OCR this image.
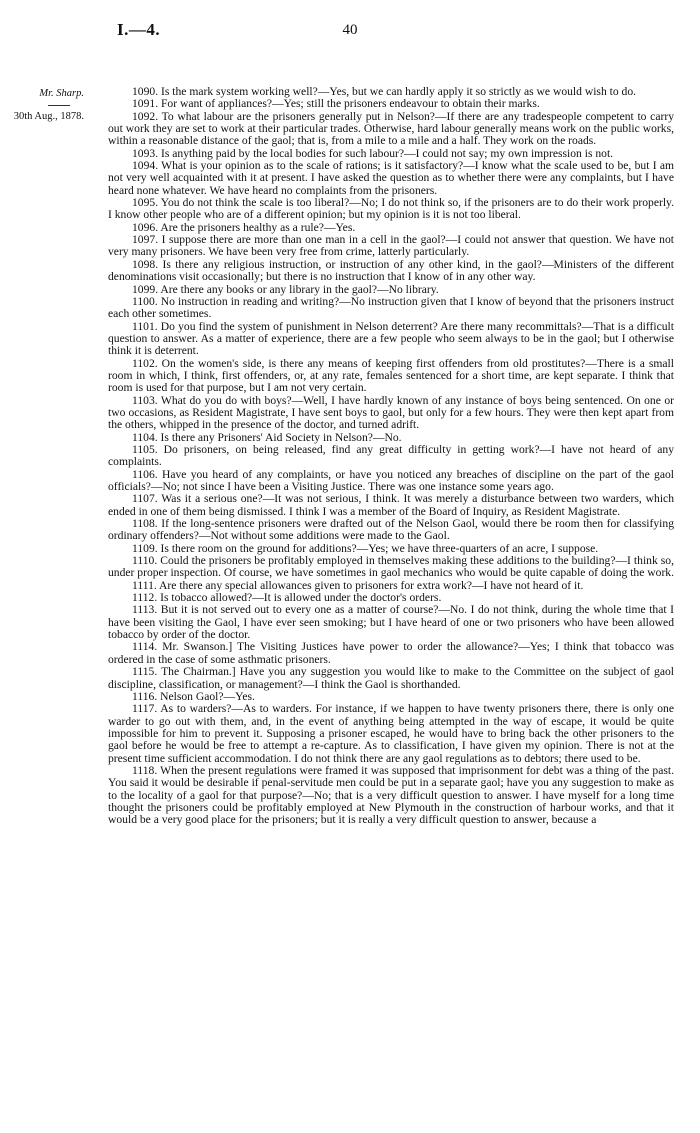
I.—4.	40
Mr. Sharp.
30th Aug., 1878.

1090. Is the mark system working well?—Yes, but we can hardly apply it so strictly as we would wish to do.

1091. For want of appliances?—Yes; still the prisoners endeavour to obtain their marks.

1092. To what labour are the prisoners generally put in Nelson?—If there are any tradespeople competent to carry out work they are set to work at their particular trades. Otherwise, hard labour generally means work on the public works, within a reasonable distance of the gaol; that is, from a mile to a mile and a half. They work on the roads.

1093. Is anything paid by the local bodies for such labour?—I could not say; my own impression is not.

1094. What is your opinion as to the scale of rations; is it satisfactory?—I know what the scale used to be, but I am not very well acquainted with it at present. I have asked the question as to whether there were any complaints, but I have heard none whatever. We have heard no complaints from the prisoners.

1095. You do not think the scale is too liberal?—No; I do not think so, if the prisoners are to do their work properly. I know other people who are of a different opinion; but my opinion is it is not too liberal.

1096. Are the prisoners healthy as a rule?—Yes.

1097. I suppose there are more than one man in a cell in the gaol?—I could not answer that question. We have not very many prisoners. We have been very free from crime, latterly particularly.

1098. Is there any religious instruction, or instruction of any other kind, in the gaol?—Ministers of the different denominations visit occasionally; but there is no instruction that I know of in any other way.

1099. Are there any books or any library in the gaol?—No library.

1100. No instruction in reading and writing?—No instruction given that I know of beyond that the prisoners instruct each other sometimes.

1101. Do you find the system of punishment in Nelson deterrent? Are there many recommittals?—That is a difficult question to answer. As a matter of experience, there are a few people who seem always to be in the gaol; but I otherwise think it is deterrent.

1102. On the women's side, is there any means of keeping first offenders from old prostitutes?—There is a small room in which, I think, first offenders, or, at any rate, females sentenced for a short time, are kept separate. I think that room is used for that purpose, but I am not very certain.

1103. What do you do with boys?—Well, I have hardly known of any instance of boys being sentenced. On one or two occasions, as Resident Magistrate, I have sent boys to gaol, but only for a few hours. They were then kept apart from the others, whipped in the presence of the doctor, and turned adrift.

1104. Is there any Prisoners' Aid Society in Nelson?—No.

1105. Do prisoners, on being released, find any great difficulty in getting work?—I have not heard of any complaints.

1106. Have you heard of any complaints, or have you noticed any breaches of discipline on the part of the gaol officials?—No; not since I have been a Visiting Justice. There was one instance some years ago.

1107. Was it a serious one?—It was not serious, I think. It was merely a disturbance between two warders, which ended in one of them being dismissed. I think I was a member of the Board of Inquiry, as Resident Magistrate.

1108. If the long-sentence prisoners were drafted out of the Nelson Gaol, would there be room then for classifying ordinary offenders?—Not without some additions were made to the Gaol.

1109. Is there room on the ground for additions?—Yes; we have three-quarters of an acre, I suppose.

1110. Could the prisoners be profitably employed in themselves making these additions to the building?—I think so, under proper inspection. Of course, we have sometimes in gaol mechanics who would be quite capable of doing the work.

1111. Are there any special allowances given to prisoners for extra work?—I have not heard of it.

1112. Is tobacco allowed?—It is allowed under the doctor's orders.

1113. But it is not served out to every one as a matter of course?—No. I do not think, during the whole time that I have been visiting the Gaol, I have ever seen smoking; but I have heard of one or two prisoners who have been allowed tobacco by order of the doctor.

1114. Mr. Swanson.] The Visiting Justices have power to order the allowance?—Yes; I think that tobacco was ordered in the case of some asthmatic prisoners.

1115. The Chairman.] Have you any suggestion you would like to make to the Committee on the subject of gaol discipline, classification, or management?—I think the Gaol is shorthanded.

1116. Nelson Gaol?—Yes.

1117. As to warders?—As to warders. For instance, if we happen to have twenty prisoners there, there is only one warder to go out with them, and, in the event of anything being attempted in the way of escape, it would be quite impossible for him to prevent it. Supposing a prisoner escaped, he would have to bring back the other prisoners to the gaol before he would be free to attempt a re-capture. As to classification, I have given my opinion. There is not at the present time sufficient accommodation. I do not think there are any gaol regulations as to debtors; there used to be.

1118. When the present regulations were framed it was supposed that imprisonment for debt was a thing of the past. You said it would be desirable if penal-servitude men could be put in a separate gaol; have you any suggestion to make as to the locality of a gaol for that purpose?—No; that is a very difficult question to answer. I have myself for a long time thought the prisoners could be profitably employed at New Plymouth in the construction of harbour works, and that it would be a very good place for the prisoners; but it is really a very difficult question to answer, because a
